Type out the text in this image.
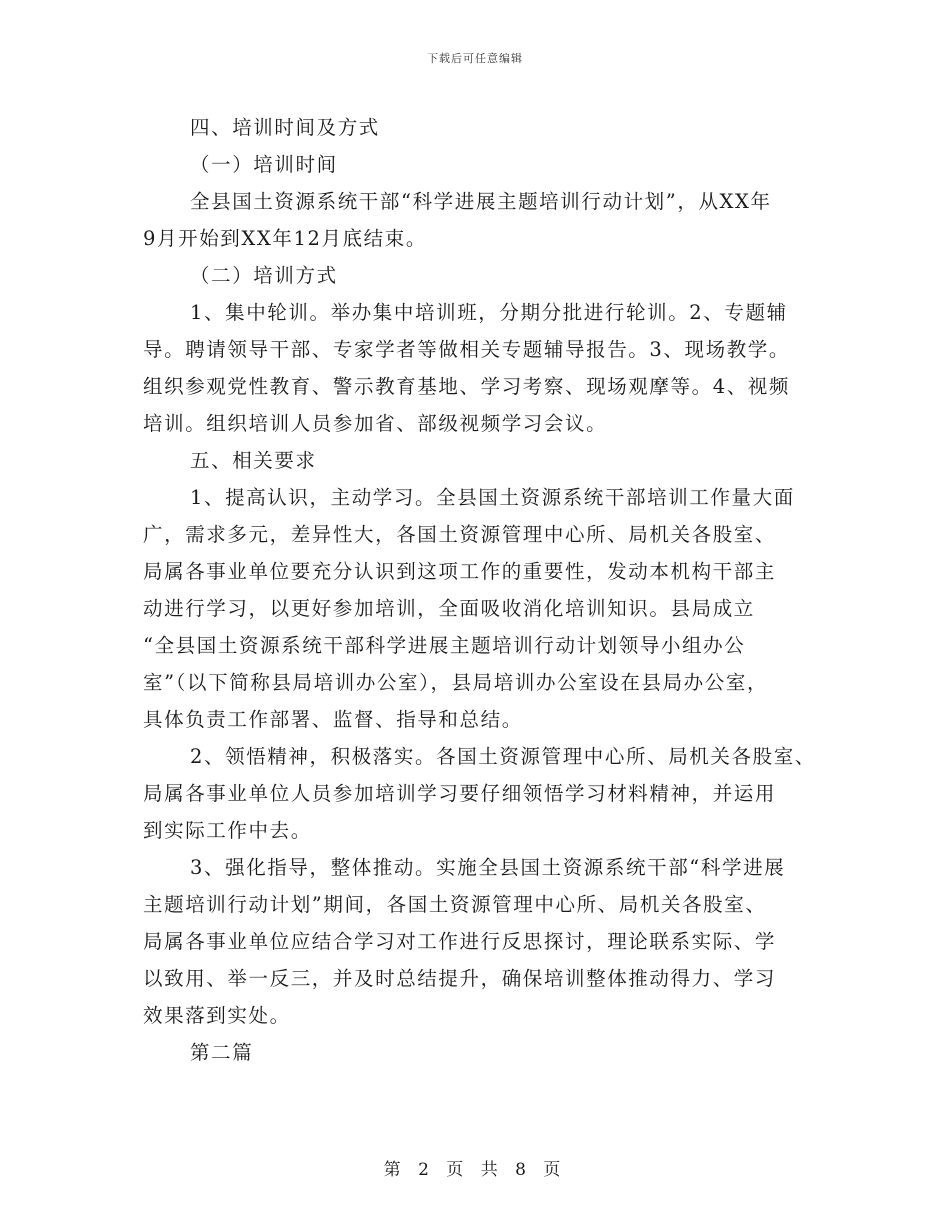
下载后可任意编辑
四、培训时间及方式
（一）培训时间
全县国土资源系统干部“科学进展主题培训行动计划”，从XX年
9月开始到XX年12月底结束。
（二）培训方式
1、集中轮训。举办集中培训班，分期分批进行轮训。2、专题辅
导。聘请领导干部、专家学者等做相关专题辅导报告。3、现场教学。
组织参观党性教育、警示教育基地、学习考察、现场观摩等。4、视频
培训。组织培训人员参加省、部级视频学习会议。
五、相关要求
1、提高认识，主动学习。全县国土资源系统干部培训工作量大面
广，需求多元，差异性大，各国土资源管理中心所、局机关各股室、
局属各事业单位要充分认识到这项工作的重要性，发动本机构干部主
动进行学习，以更好参加培训，全面吸收消化培训知识。县局成立
“全县国土资源系统干部科学进展主题培训行动计划领导小组办公
室”（以下简称县局培训办公室），县局培训办公室设在县局办公室，
具体负责工作部署、监督、指导和总结。
2、领悟精神，积极落实。各国土资源管理中心所、局机关各股室、
局属各事业单位人员参加培训学习要仔细领悟学习材料精神，并运用
到实际工作中去。
3、强化指导，整体推动。实施全县国土资源系统干部“科学进展
主题培训行动计划”期间，各国土资源管理中心所、局机关各股室、
局属各事业单位应结合学习对工作进行反思探讨，理论联系实际、学
以致用、举一反三，并及时总结提升，确保培训整体推动得力、学习
效果落到实处。
第二篇
第 2 页 共 8 页
